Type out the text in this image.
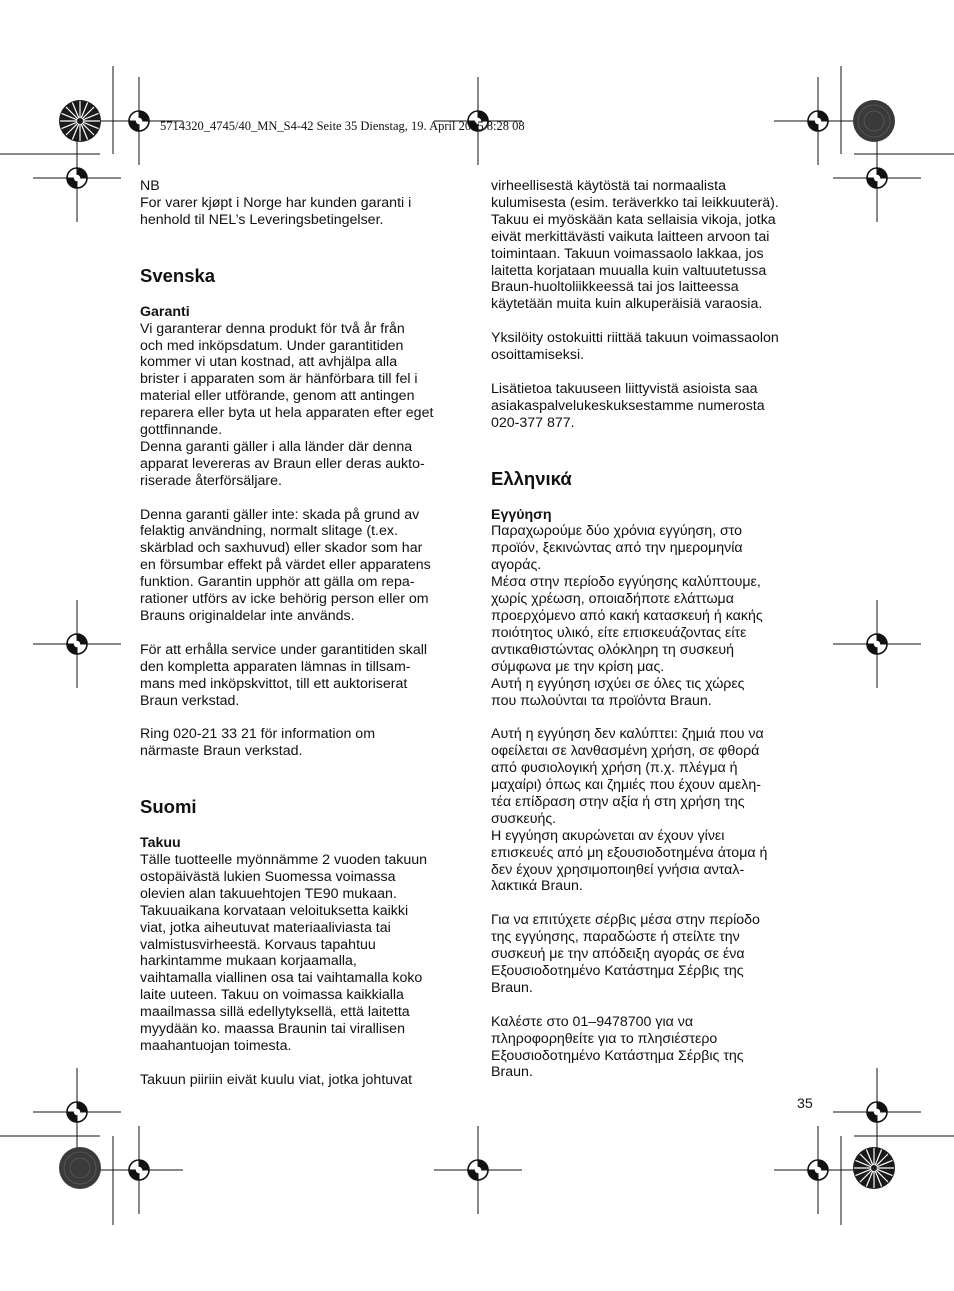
5714320_4745/40_MN_S4-42 Seite 35 Dienstag, 19. April 2005 8:28 08

NB

For varer kjøpt i Norge har kunden garanti i
henhold til NEL’s Leveringsbetingelser.

Svenska
Garanti

Vi garanterar denna produkt för två år från
och med inköpsdatum. Under garantitiden
kommer vi utan kostnad, att avhjälpa alla
brister i apparaten som är hänförbara till fel i
material eller utförande, genom att antingen
reparera eller byta ut hela apparaten efter eget
gottfinnande.
Denna garanti gäller i alla länder där denna
apparat levereras av Braun eller deras aukto-
riserade återförsäljare.

Denna garanti gäller inte: skada på grund av
felaktig användning, normalt slitage (t.ex.
skärblad och saxhuvud) eller skador som har
en försumbar effekt på värdet eller apparatens
funktion. Garantin upphör att gälla om repa-
rationer utförs av icke behörig person eller om
Brauns originaldelar inte används.

För att erhålla service under garantitiden skall
den kompletta apparaten lämnas in tillsam-
mans med inköpskvittot, till ett auktoriserat
Braun verkstad.

Ring 020-21 33 21 för information om
närmaste Braun verkstad.

Suomi
Takuu

Tälle tuotteelle myönnämme 2 vuoden takuun
ostopäivästä lukien Suomessa voimassa
olevien alan takuuehtojen TE90 mukaan.
Takuuaikana korvataan veloituksetta kaikki
viat, jotka aiheutuvat materiaaliviasta tai
valmistusvirheestä. Korvaus tapahtuu
harkintamme mukaan korjaamalla,
vaihtamalla viallinen osa tai vaihtamalla koko
laite uuteen. Takuu on voimassa kaikkialla
maailmassa sillä edellytyksellä, että laitetta
myydään ko. maassa Braunin tai virallisen
maahantuojan toimesta.

Takuun piiriin eivät kuulu viat, jotka johtuvat

virheellisestä käytöstä tai normaalista
kulumisesta (esim. teräverkko tai leikkuuterä).
Takuu ei myöskään kata sellaisia vikoja, jotka
eivät merkittävästi vaikuta laitteen arvoon tai
toimintaan. Takuun voimassaolo lakkaa, jos
laitetta korjataan muualla kuin valtuutetussa
Braun-huoltoliikkeessä tai jos laitteessa
käytetään muita kuin alkuperäisiä varaosia.

Yksilöity ostokuitti riittää takuun voimassaolon
osoittamiseksi.

Lisätietoa takuuseen liittyvistä asioista saa
asiakaspalvelukeskuksestamme numerosta
020-377 877.

Ελληνικά
Εγγύηση

Παραχωρούμε δύο χρόνια εγγύηση, στο
προϊόν, ξεκινώντας από την ημερομηνία
αγοράς.
Μέσα στην περίοδο εγγύησης καλύπτουμε,
χωρίς χρέωση, οποιαδήποτε ελάττωμα
προερχόμενο από κακή κατασκευή ή κακής
ποιότητος υλικό, είτε επισκευάζοντας είτε
αντικαθιστώντας ολόκληρη τη συσκευή
σύμφωνα με την κρίση μας.
Αυτή η εγγύηση ισχύει σε όλες τις χώρες
που πωλούνται τα προϊόντα Braun.

Αυτή η εγγύηση δεν καλύπτει: ζημιά που να
οφείλεται σε λανθασμένη χρήση, σε φθορά
από φυσιολογική χρήση (π.χ. πλέγμα ή
μαχαίρι) όπως και ζημιές που έχουν αμελη-
τέα επίδραση στην αξία ή στη χρήση της
συσκευής.
Η εγγύηση ακυρώνεται αν έχουν γίνει
επισκευές από μη εξουσιοδοτημένα άτομα ή
δεν έχουν χρησιμοποιηθεί γνήσια ανταλ-
λακτικά Braun.

Για να επιτύχετε σέρβις μέσα στην περίοδο
της εγγύησης, παραδώστε ή στείλτε την
συσκευή με την απόδειξη αγοράς σε ένα
Εξουσιοδοτημένο Κατάστημα Σέρβις της
Braun.

Καλέστε στο 01–9478700 για να
πληροφορηθείτε για το πλησιέστερο
Εξουσιοδοτημένο Κατάστημα Σέρβις της
Braun.

35
